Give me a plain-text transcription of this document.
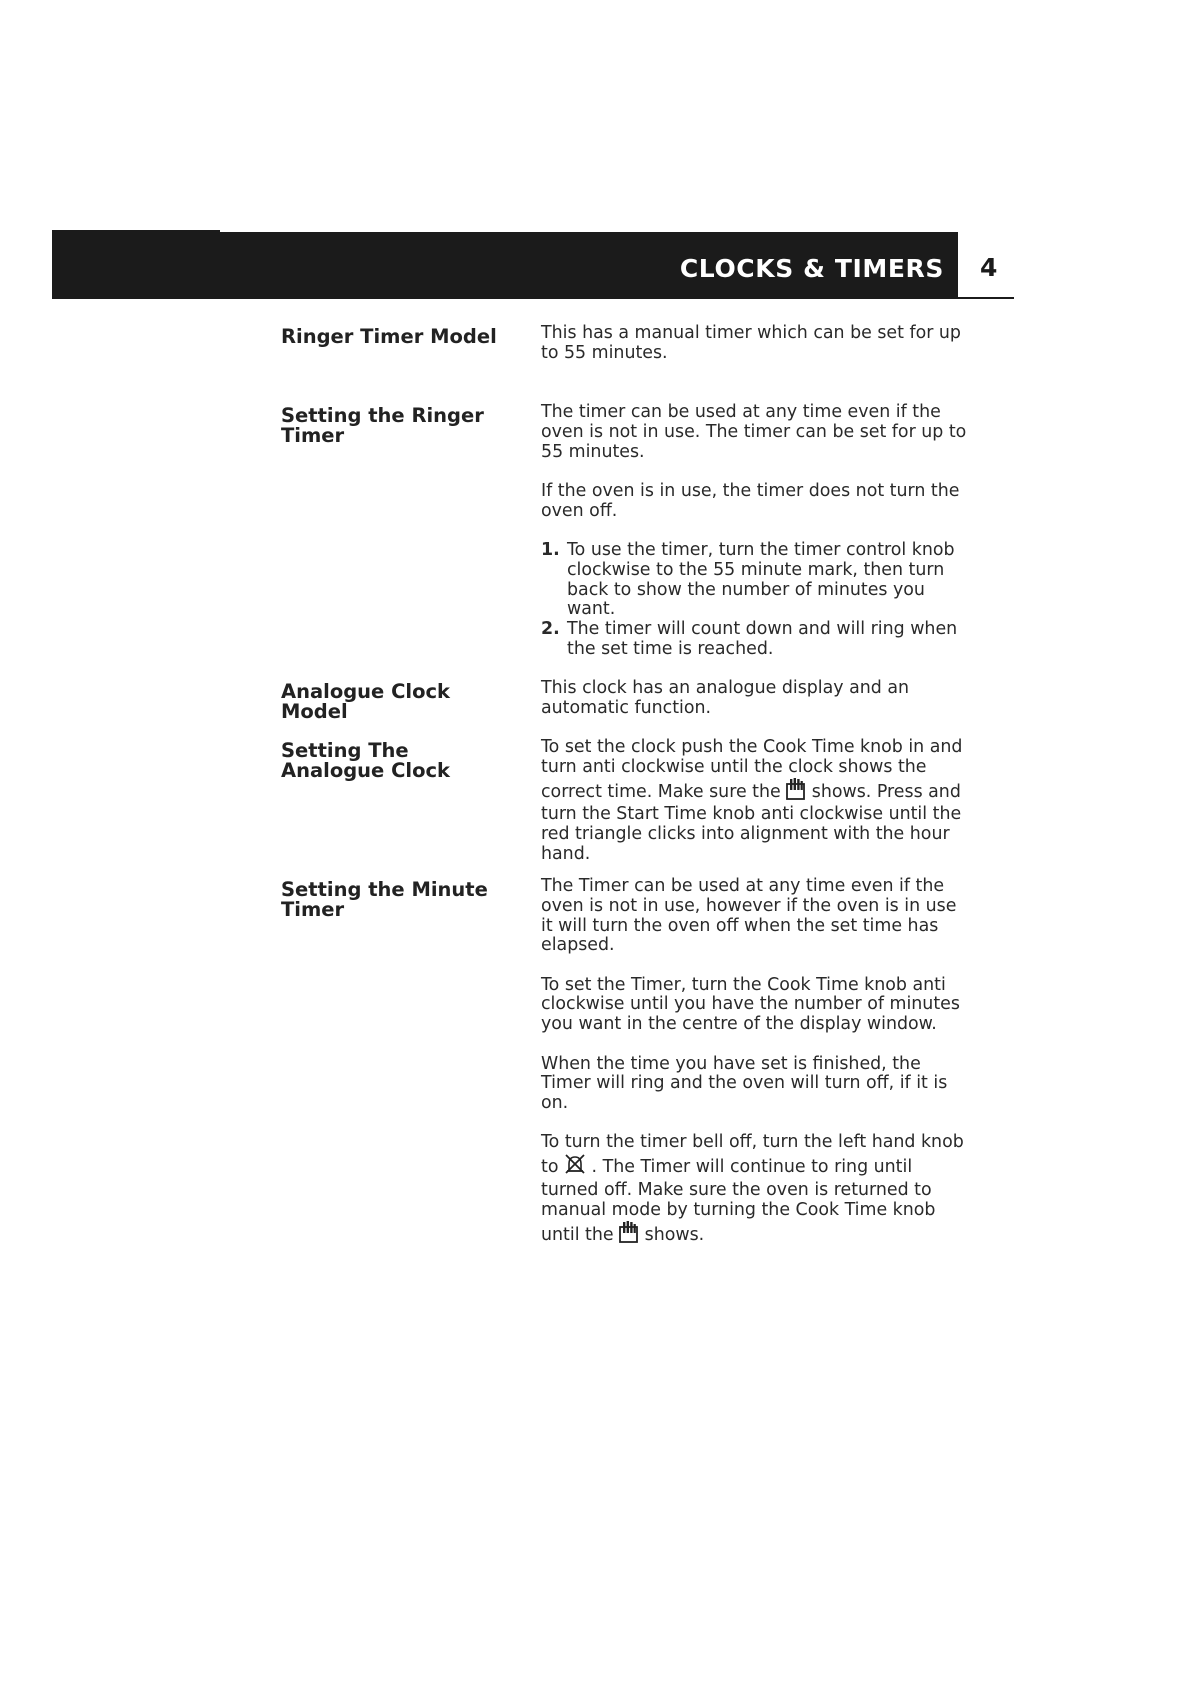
CLOCKS & TIMERS 4
Ringer Timer Model	This has a manual timer which can be set for up to 55 minutes.

Setting the Ringer Timer

The timer can be used at any time even if the oven is not in use. The timer can be set for up to 55 minutes.

If the oven is in use, the timer does not turn the oven off.

1. To use the timer, turn the timer control knob clockwise to the 55 minute mark, then turn back to show the number of minutes you want.
2. The timer will count down and will ring when the set time is reached.
Analogue Clock Model

This clock has an analogue display and an automatic function.

Setting The Analogue Clock

To set the clock push the Cook Time knob in and turn anti clockwise until the clock shows the correct time. Make sure the  shows. Press and turn the Start Time knob anti clockwise until the red triangle clicks into alignment with the hour hand.

Setting the Minute Timer

The Timer can be used at any time even if the oven is not in use, however if the oven is in use it will turn the oven off when the set time has elapsed.

To set the Timer, turn the Cook Time knob anti clockwise until you have the number of minutes you want in the centre of the display window.

When the time you have set is finished, the Timer will ring and the oven will turn off, if it is on.

To turn the timer bell off, turn the left hand knob to  . The Timer will continue to ring until turned off. Make sure the oven is returned to manual mode by turning the Cook Time knob until the  shows.
